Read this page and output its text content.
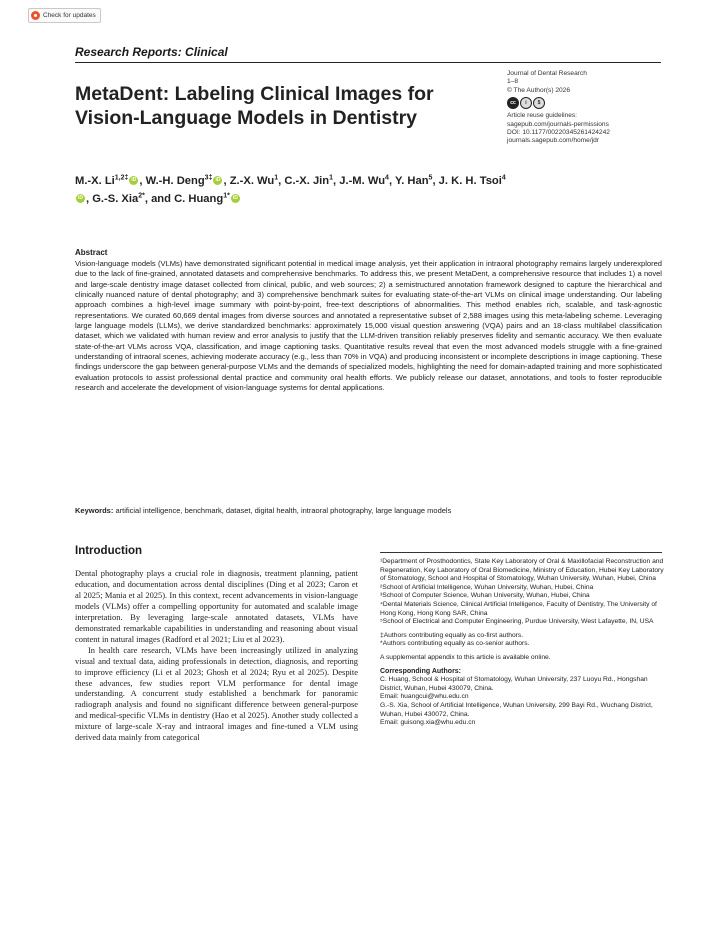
Check for updates
Research Reports: Clinical
MetaDent: Labeling Clinical Images for Vision-Language Models in Dentistry
Journal of Dental Research
1–8
© The Author(s) 2026
cc	i	$
Article reuse guidelines:
sagepub.com/journals-permissions
DOI: 10.1177/00220345261424242
journals.sagepub.com/home/jdr
M.-X. $Li^{1,2\ddagger}iD$ , W.-H. Deng$^{3\ddagger}$iD , Z.-X. Wu$^1$, C.-X. Jin$^1$, J.-M. Wu$^4$, Y. Han$^5$, J. K. H. Tsoi$^4$iD, G.-S. Xia$^{2*}$, and C. Huang$^{1*}$iD
Abstract
Vision-language models (VLMs) have demonstrated significant potential in medical image analysis, yet their application in intraoral photography remains largely underexplored due to the lack of fine-grained, annotated datasets and comprehensive benchmarks. To address this, we present MetaDent, a comprehensive resource that includes 1) a novel and large-scale dentistry image dataset collected from clinical, public, and web sources; 2) a semistructured annotation framework designed to capture the hierarchical and clinically nuanced nature of dental photography; and 3) comprehensive benchmark suites for evaluating state-of-the-art VLMs on clinical image understanding. Our labeling approach combines a high-level image summary with point-by-point, free-text descriptions of abnormalities. This method enables rich, scalable, and task-agnostic representations. We curated 60,669 dental images from diverse sources and annotated a representative subset of 2,588 images using this meta-labeling scheme. Leveraging large language models (LLMs), we derive standardized benchmarks: approximately 15,000 visual question answering (VQA) pairs and an 18-class multilabel classification dataset, which we validated with human review and error analysis to justify that the LLM-driven transition reliably preserves fidelity and semantic accuracy. We then evaluate state-of-the-art VLMs across VQA, classification, and image captioning tasks. Quantitative results reveal that even the most advanced models struggle with a fine-grained understanding of intraoral scenes, achieving moderate accuracy (e.g., less than 70% in VQA) and producing inconsistent or incomplete descriptions in image captioning. These findings underscore the gap between general-purpose VLMs and the demands of specialized models, highlighting the need for domain-adapted training and more sophisticated evaluation protocols to assist professional dental practice and community oral health efforts. We publicly release our dataset, annotations, and tools to foster reproducible research and accelerate the development of vision-language systems for dental applications.
Keywords: artificial intelligence, benchmark, dataset, digital health, intraoral photography, large language models
Introduction

Dental photography plays a crucial role in diagnosis, treatment planning, patient education, and documentation across dental disciplines (Ding et al 2023; Caron et al 2025; Mania et al 2025). In this context, recent advancements in vision-language models (VLMs) offer a compelling opportunity for automated and scalable image interpretation. By leveraging large-scale annotated datasets, VLMs have demonstrated remarkable capabilities in understanding and reasoning about visual content in natural images (Radford et al 2021; Liu et al 2023).

In health care research, VLMs have been increasingly utilized in analyzing visual and textual data, aiding professionals in detection, diagnosis, and reporting to improve efficiency (Li et al 2023; Ghosh et al 2024; Ryu et al 2025). Despite these advances, few studies report VLM performance for dental image understanding. A concurrent study established a benchmark for panoramic radiograph analysis and found no significant difference between general-purpose and medical-specific VLMs in dentistry (Hao et al 2025). Another study collected a mixture of large-scale X-ray and intraoral images and fine-tuned a VLM using derived data mainly from categorical

¹Department of Prosthodontics, State Key Laboratory of Oral & Maxillofacial Reconstruction and Regeneration, Key Laboratory of Oral Biomedicine, Ministry of Education, Hubei Key Laboratory of Stomatology, School and Hospital of Stomatology, Wuhan University, Wuhan, Hubei, China
²School of Artificial Intelligence, Wuhan University, Wuhan, Hubei, China
³School of Computer Science, Wuhan University, Wuhan, Hubei, China
⁴Dental Materials Science, Clinical Artificial Intelligence, Faculty of Dentistry, The University of Hong Kong, Hong Kong SAR, China
⁵School of Electrical and Computer Engineering, Purdue University, West Lafayette, IN, USA
‡Authors contributing equally as co-first authors.
*Authors contributing equally as co-senior authors.
A supplemental appendix to this article is available online.
Corresponding Authors:
C. Huang, School & Hospital of Stomatology, Wuhan University, 237 Luoyu Rd., Hongshan District, Wuhan, Hubei 430079, China.
Email: huangcui@whu.edu.cn
G.-S. Xia, School of Artificial Intelligence, Wuhan University, 299 Bayi Rd., Wuchang District, Wuhan, Hubei 430072, China.
Email: guisong.xia@whu.edu.cn
